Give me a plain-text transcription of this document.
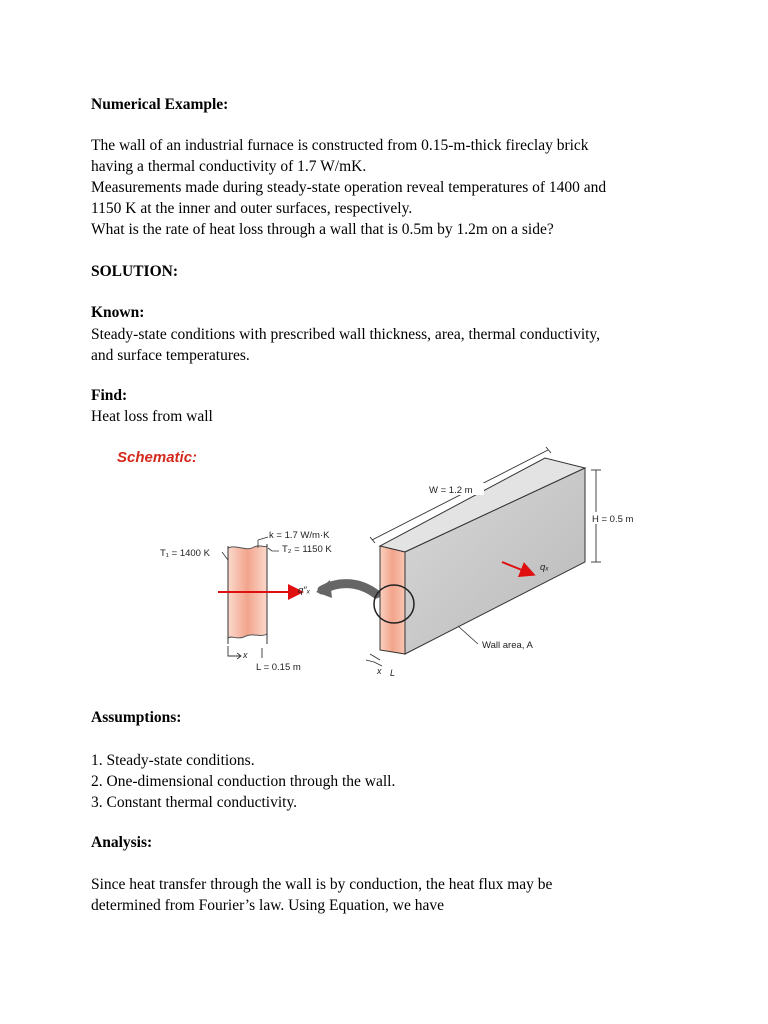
Numerical Example:

The wall of an industrial furnace is constructed from 0.15-m-thick fireclay brick
having a thermal conductivity of 1.7 W/mK.
Measurements made during steady-state operation reveal temperatures of 1400 and
1150 K at the inner and outer surfaces, respectively.
What is the rate of heat loss through a wall that is 0.5m by 1.2m on a side?

SOLUTION:

Known:

Steady-state conditions with prescribed wall thickness, area, thermal conductivity,
and surface temperatures.

Find:

Heat loss from wall

Schematic:
k = 1.7 W/m·K
T₂ = 1150 K
T₁ = 1400 K
q″ₓ
x
L = 0.15 m
W = 1.2 m
H = 0.5 m
qₓ
Wall area, A
x L

Assumptions:

1. Steady-state conditions.
2. One-dimensional conduction through the wall.
3. Constant thermal conductivity.

Analysis:

Since heat transfer through the wall is by conduction, the heat flux may be
determined from Fourier’s law. Using Equation, we have
